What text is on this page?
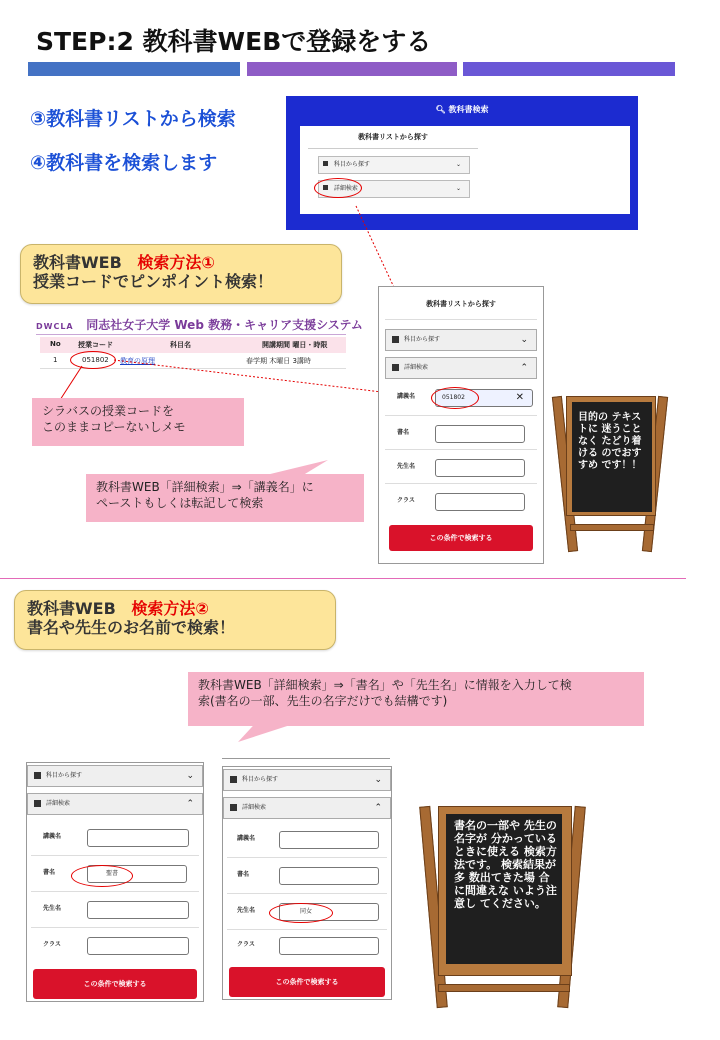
STEP:2 教科書WEBで登録をする
③教科書リストから検索
④教科書を検索します
🔍︎ 教科書検索
教科書リストから探す
科目から探す	⌄
詳細検索	⌄
教科書WEB 検索方法①
授業コードでピンポイント検索！
DWCLA 同志社女子大学 Web 教務・キャリア支援システム
No 授業コード	科目名	開講期間 曜日・時限
1	051802 教育の原理	春学期 木曜日 3講時
シラバスの授業コードを
このままコピーないしメモ
教科書WEB「詳細検索」⇒「講義名」に
ペーストもしくは転記して検索
教科書リストから探す
科目から探す	⌄
詳細検索	⌃
講義名	051802	✕
書名
先生名
クラス
この条件で検索する
目的の テキストに 迷うことなく たどり着ける のでおすすめ です！！
教科書WEB 検索方法②
書名や先生のお名前で検索！
教科書WEB「詳細検索」⇒「書名」や「先生名」に情報を入力して検
索(書名の一部、先生の名字だけでも結構です)
科目から探す	⌄
詳細検索	⌃
講義名
書名	聖書
先生名
クラス
この条件で検索する
科目から探す	⌄
詳細検索	⌃
講義名
書名
先生名	同女
クラス
この条件で検索する
書名の一部や 先生の名字が 分かっている ときに使える 検索方法です。 検索結果が多 数出てきた場 合に間違えな いよう注意し てください。
